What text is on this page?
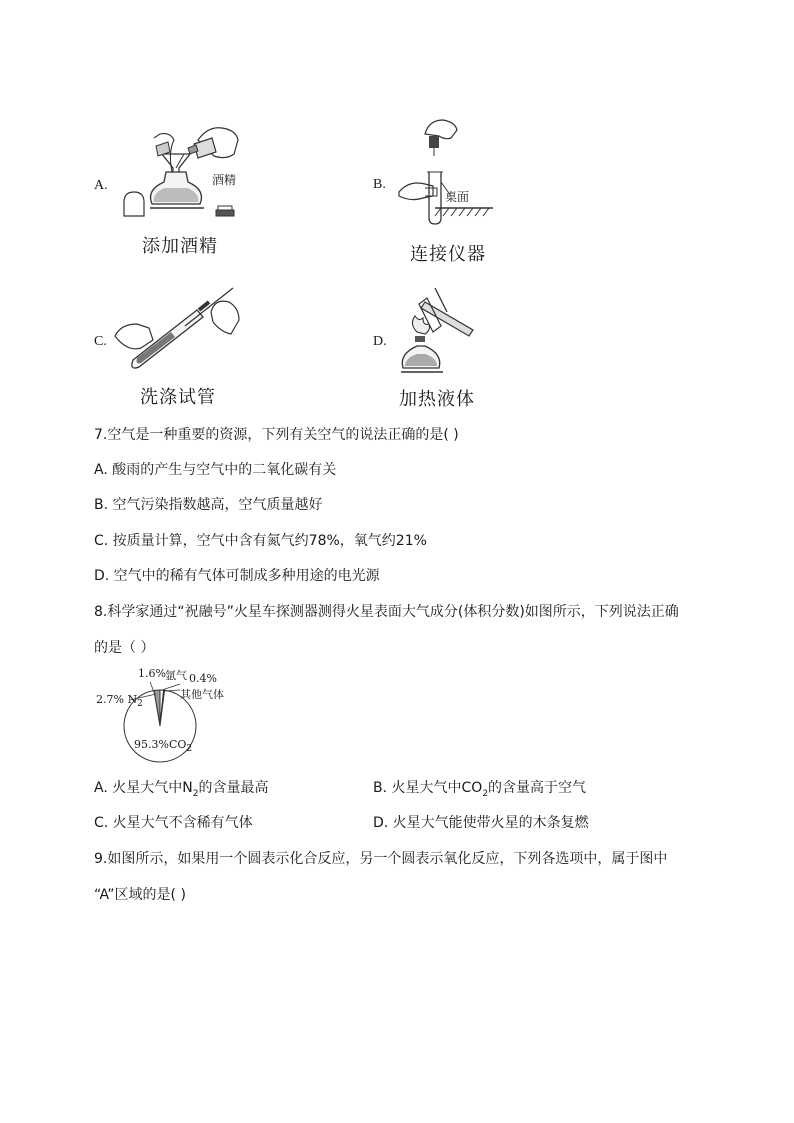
A.	酒精
添加酒精
B.
桌面
连接仪器
C.
洗涤试管
D.
加热液体
7.空气是一种重要的资源，下列有关空气的说法正确的是( )
A. 酸雨的产生与空气中的二氧化碳有关
B. 空气污染指数越高，空气质量越好
C. 按质量计算，空气中含有氮气约78%，氧气约21%
D. 空气中的稀有气体可制成多种用途的电光源
8.科学家通过“祝融号”火星车探测器测得火星表面大气成分(体积分数)如图所示，下列说法正确
的是（ ）
1.6% 氩气 0.4%
其他气体
2.7% $N_2$
$95.3\%CO_2$
A. 火星大气中$N_2$的含量最高	B. 火星大气中$CO_2$的含量高于空气
C. 火星大气不含稀有气体	D. 火星大气能使带火星的木条复燃
9.如图所示，如果用一个圆表示化合反应，另一个圆表示氧化反应，下列各选项中，属于图中
“A”区域的是( )
